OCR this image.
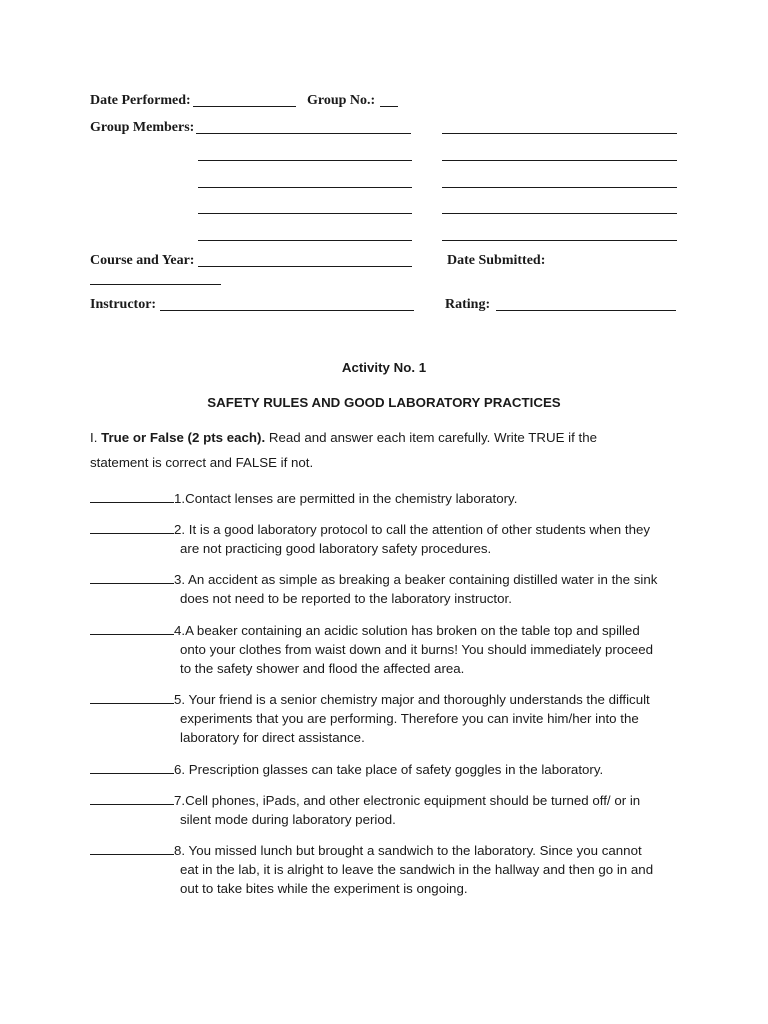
Date Performed:	Group No.:
Group Members:
Course and Year:	Date Submitted:
Instructor:	Rating:
Activity No. 1
SAFETY RULES AND GOOD LABORATORY PRACTICES
I. True or False (2 pts each). Read and answer each item carefully. Write TRUE if the
statement is correct and FALSE if not.
1.Contact lenses are permitted in the chemistry laboratory.
2. It is a good laboratory protocol to call the attention of other students when they
are not practicing good laboratory safety procedures.
3. An accident as simple as breaking a beaker containing distilled water in the sink
does not need to be reported to the laboratory instructor.
4.A beaker containing an acidic solution has broken on the table top and spilled
onto your clothes from waist down and it burns! You should immediately proceed
to the safety shower and flood the affected area.
5. Your friend is a senior chemistry major and thoroughly understands the difficult
experiments that you are performing. Therefore you can invite him/her into the
laboratory for direct assistance.
6. Prescription glasses can take place of safety goggles in the laboratory.
7.Cell phones, iPads, and other electronic equipment should be turned off/ or in
silent mode during laboratory period.
8. You missed lunch but brought a sandwich to the laboratory. Since you cannot
eat in the lab, it is alright to leave the sandwich in the hallway and then go in and
out to take bites while the experiment is ongoing.
